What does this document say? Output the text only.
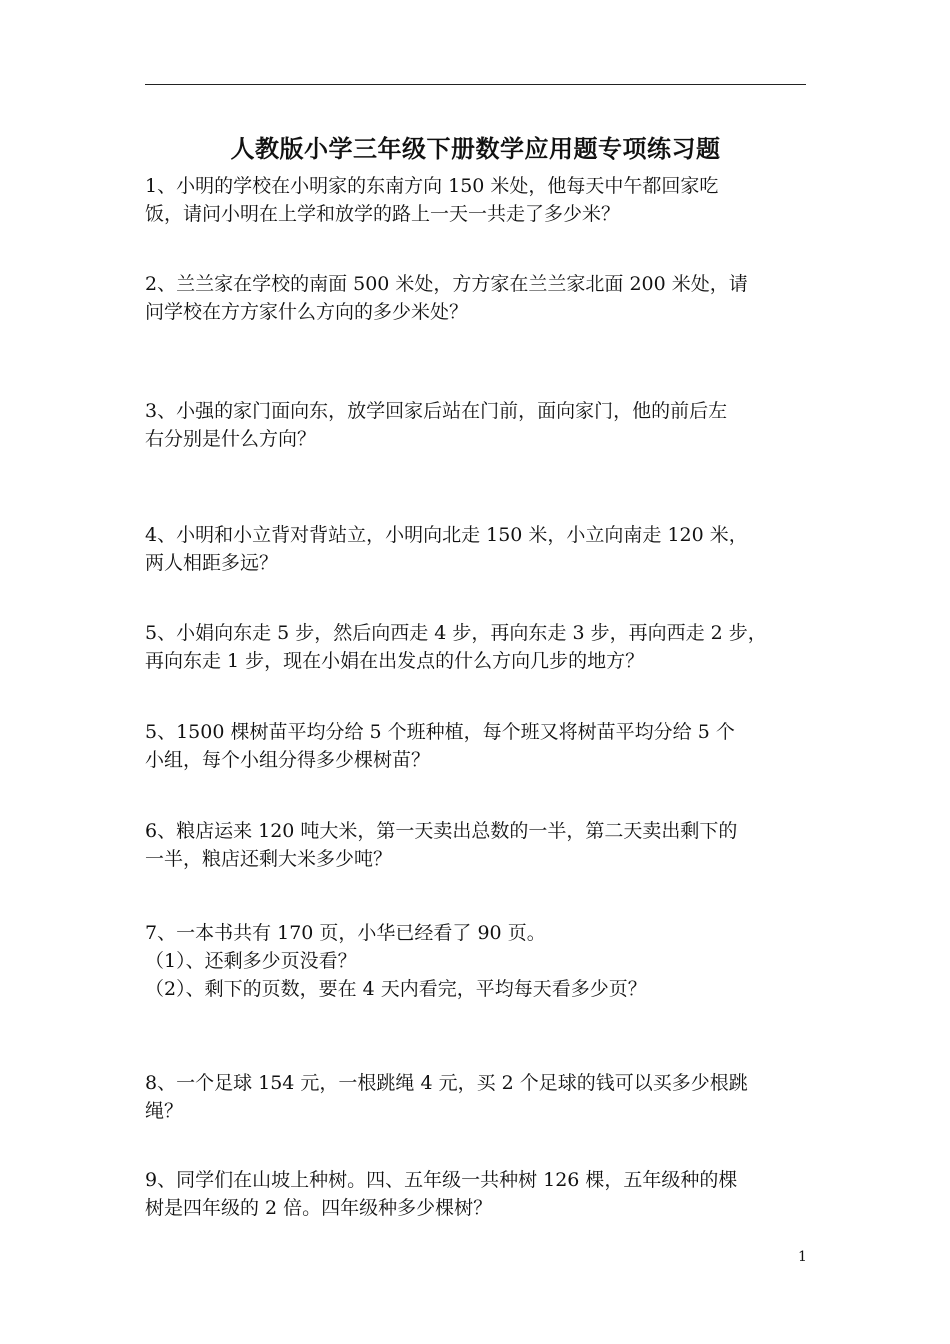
人教版小学三年级下册数学应用题专项练习题

1、小明的学校在小明家的东南方向 150 米处，他每天中午都回家吃

饭，请问小明在上学和放学的路上一天一共走了多少米？

2、兰兰家在学校的南面 500 米处，方方家在兰兰家北面 200 米处，请

问学校在方方家什么方向的多少米处？

3、小强的家门面向东，放学回家后站在门前，面向家门，他的前后左

右分别是什么方向？

4、小明和小立背对背站立，小明向北走 150 米，小立向南走 120 米，

两人相距多远？

5、小娟向东走 5 步，然后向西走 4 步，再向东走 3 步，再向西走 2 步，

再向东走 1 步，现在小娟在出发点的什么方向几步的地方？

5、1500 棵树苗平均分给 5 个班种植，每个班又将树苗平均分给 5 个

小组，每个小组分得多少棵树苗？

6、粮店运来 120 吨大米，第一天卖出总数的一半，第二天卖出剩下的

一半，粮店还剩大米多少吨？

7、一本书共有 170 页，小华已经看了 90 页。

（1）、还剩多少页没看？

（2）、剩下的页数，要在 4 天内看完，平均每天看多少页？

8、一个足球 154 元，一根跳绳 4 元，买 2 个足球的钱可以买多少根跳

绳？

9、同学们在山坡上种树。四、五年级一共种树 126 棵，五年级种的棵

树是四年级的 2 倍。四年级种多少棵树？

1
